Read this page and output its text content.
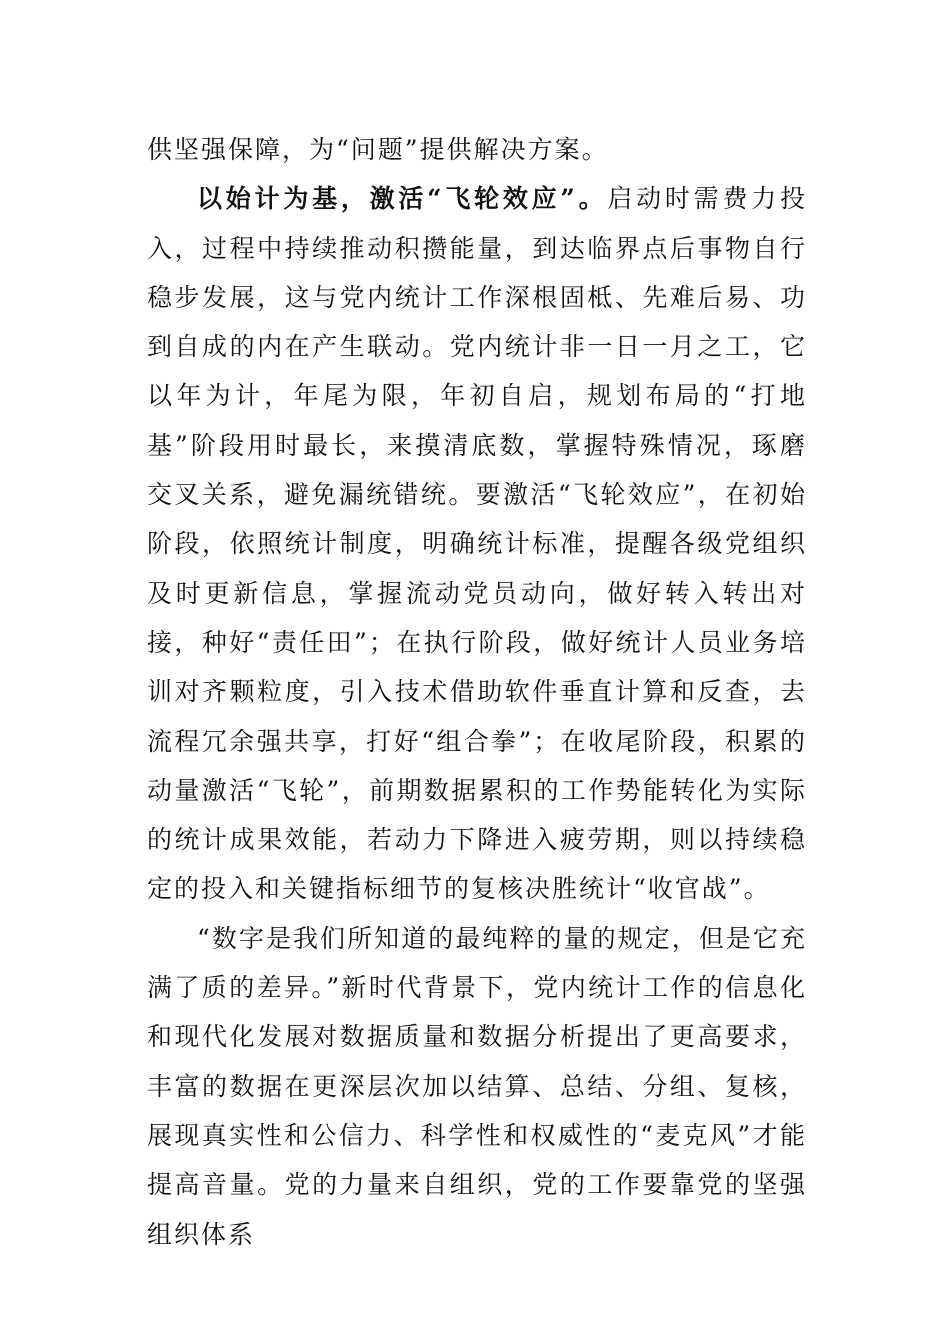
供坚强保障，为“问题”提供解决方案。

以始计为基，激活“飞轮效应”。启动时需费力投入，过程中持续推动积攒能量，到达临界点后事物自行稳步发展，这与党内统计工作深根固柢、先难后易、功到自成的内在产生联动。党内统计非一日一月之工，它以年为计，年尾为限，年初自启，规划布局的“打地基”阶段用时最长，来摸清底数，掌握特殊情况，琢磨交叉关系，避免漏统错统。要激活“飞轮效应”，在初始阶段，依照统计制度，明确统计标准，提醒各级党组织及时更新信息，掌握流动党员动向，做好转入转出对接，种好“责任田”；在执行阶段，做好统计人员业务培训对齐颗粒度，引入技术借助软件垂直计算和反查，去流程冗余强共享，打好“组合拳”；在收尾阶段，积累的动量激活“飞轮”，前期数据累积的工作势能转化为实际的统计成果效能，若动力下降进入疲劳期，则以持续稳定的投入和关键指标细节的复核决胜统计“收官战”。

“数字是我们所知道的最纯粹的量的规定，但是它充满了质的差异。”新时代背景下，党内统计工作的信息化和现代化发展对数据质量和数据分析提出了更高要求，丰富的数据在更深层次加以结算、总结、分组、复核，展现真实性和公信力、科学性和权威性的“麦克风”才能提高音量。党的力量来自组织，党的工作要靠党的坚强组织体系
